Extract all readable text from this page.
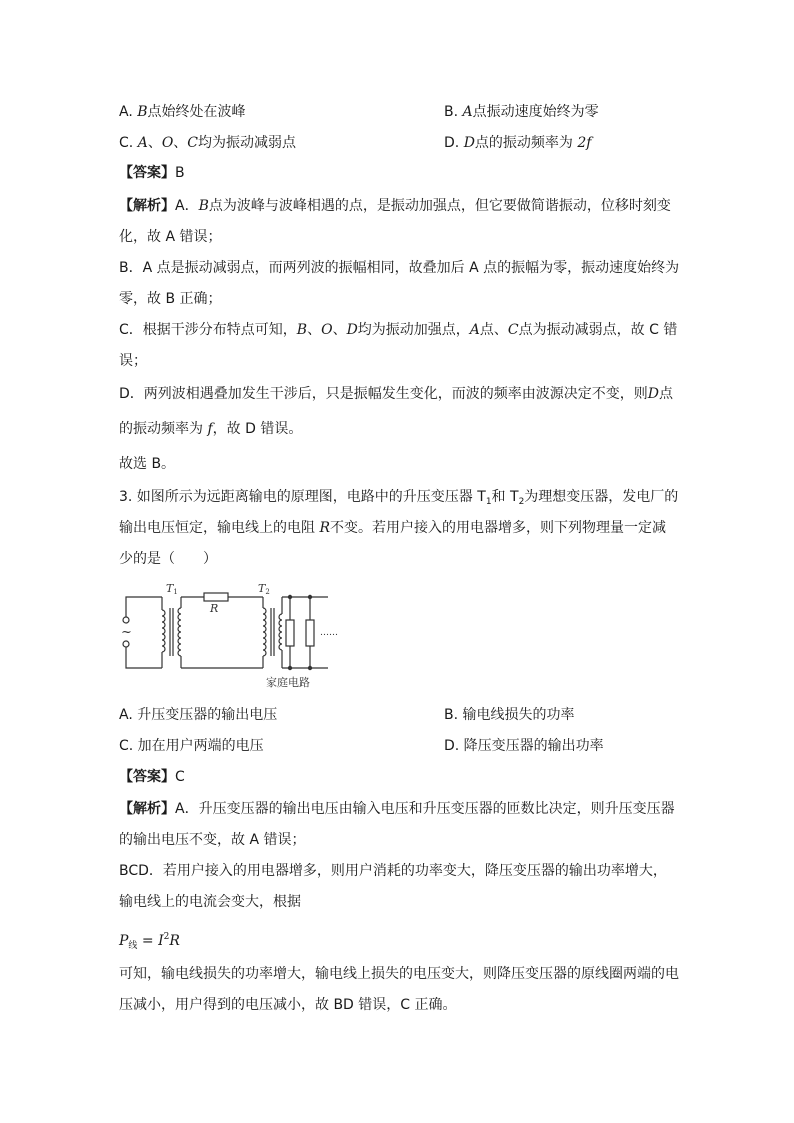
A. B点始终处在波峰	B. A点振动速度始终为零
C. A、O、C均为振动减弱点	D. D点的振动频率为 2f
【答案】B
【解析】A．B点为波峰与波峰相遇的点，是振动加强点，但它要做简谐振动，位移时刻变
化，故 A 错误；
B．A 点是振动减弱点，而两列波的振幅相同，故叠加后 A 点的振幅为零，振动速度始终为
零，故 B 正确；
C．根据干涉分布特点可知，B、O、D均为振动加强点，A点、C点为振动减弱点，故 C 错
误；
D．两列波相遇叠加发生干涉后，只是振幅发生变化，而波的频率由波源决定不变，则D点
的振动频率为 f，故 D 错误。
故选 B。
3. 如图所示为远距离输电的原理图，电路中的升压变压器 $T_1$和 $T_2$为理想变压器，发电厂的
输出电压恒定，输电线上的电阻 R不变。若用户接入的用电器增多，则下列物理量一定减
少的是（　　）
~
T1
R
T2
……
家庭电路
A. 升压变压器的输出电压	B. 输电线损失的功率
C. 加在用户两端的电压	D. 降压变压器的输出功率
【答案】C
【解析】A．升压变压器的输出电压由输入电压和升压变压器的匝数比决定，则升压变压器
的输出电压不变，故 A 错误；
BCD．若用户接入的用电器增多，则用户消耗的功率变大，降压变压器的输出功率增大，
输电线上的电流会变大，根据
$P_线 = I^2R$
可知，输电线损失的功率增大，输电线上损失的电压变大，则降压变压器的原线圈两端的电
压减小，用户得到的电压减小，故 BD 错误，C 正确。
